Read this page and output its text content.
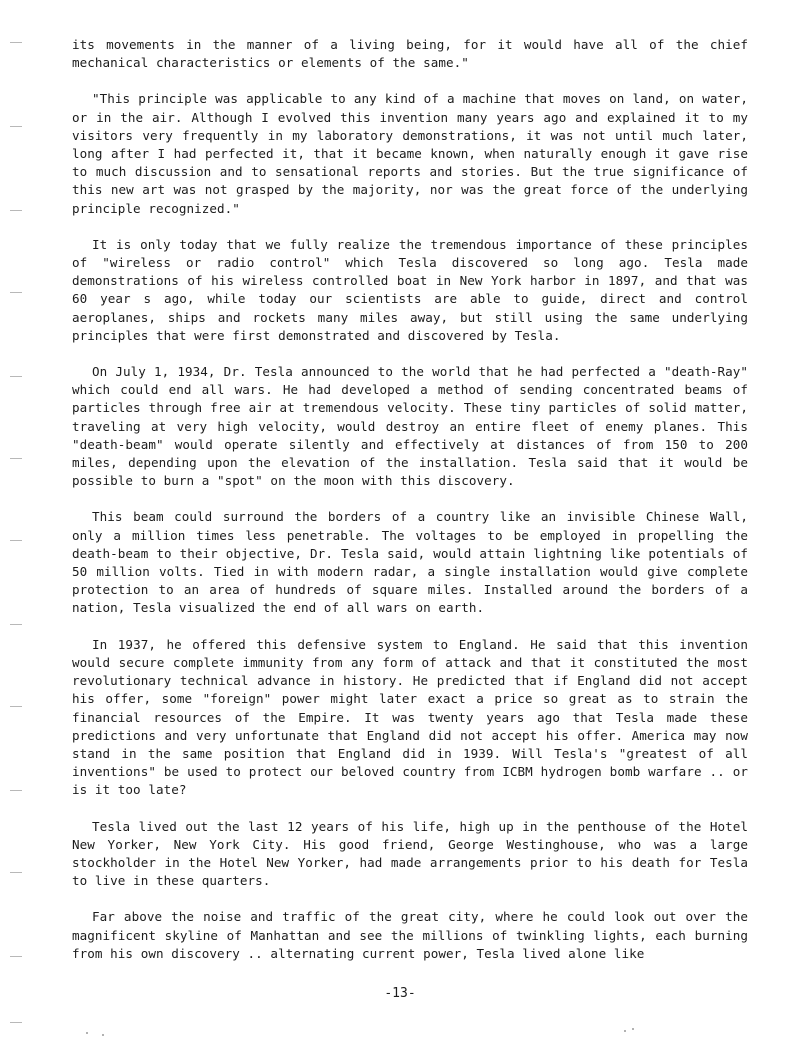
its movements in the manner of a living being, for it would have all of the chief mechanical characteristics or elements of the same."

"This principle was applicable to any kind of a machine that moves on land, on water, or in the air. Although I evolved this invention many years ago and explained it to my visitors very frequently in my laboratory demonstrations, it was not until much later, long after I had perfected it, that it became known, when naturally enough it gave rise to much discussion and to sensational reports and stories. But the true significance of this new art was not grasped by the majority, nor was the great force of the underlying principle recognized."

It is only today that we fully realize the tremendous importance of these principles of "wireless or radio control" which Tesla discovered so long ago. Tesla made demonstrations of his wireless controlled boat in New York harbor in 1897, and that was 60 year s ago, while today our scientists are able to guide, direct and control aeroplanes, ships and rockets many miles away, but still using the same underlying principles that were first demonstrated and discovered by Tesla.

On July 1, 1934, Dr. Tesla announced to the world that he had perfected a "death-Ray" which could end all wars. He had developed a method of sending concentrated beams of particles through free air at tremendous velocity. These tiny particles of solid matter, traveling at very high velocity, would destroy an entire fleet of enemy planes. This "death-beam" would operate silently and effectively at distances of from 150 to 200 miles, depending upon the elevation of the installation. Tesla said that it would be possible to burn a "spot" on the moon with this discovery.

This beam could surround the borders of a country like an invisible Chinese Wall, only a million times less penetrable. The voltages to be employed in propelling the death-beam to their objective, Dr. Tesla said, would attain lightning like potentials of 50 million volts. Tied in with modern radar, a single installation would give complete protection to an area of hundreds of square miles. Installed around the borders of a nation, Tesla visualized the end of all wars on earth.

In 1937, he offered this defensive system to England. He said that this invention would secure complete immunity from any form of attack and that it constituted the most revolutionary technical advance in history. He predicted that if England did not accept his offer, some "foreign" power might later exact a price so great as to strain the financial resources of the Empire. It was twenty years ago that Tesla made these predictions and very unfortunate that England did not accept his offer. America may now stand in the same position that England did in 1939. Will Tesla's "greatest of all inventions" be used to protect our beloved country from ICBM hydrogen bomb warfare .. or is it too late?

Tesla lived out the last 12 years of his life, high up in the penthouse of the Hotel New Yorker, New York City. His good friend, George Westinghouse, who was a large stockholder in the Hotel New Yorker, had made arrangements prior to his death for Tesla to live in these quarters.

Far above the noise and traffic of the great city, where he could look out over the magnificent skyline of Manhattan and see the millions of twinkling lights, each burning from his own discovery .. alternating current power, Tesla lived alone like

-13-
